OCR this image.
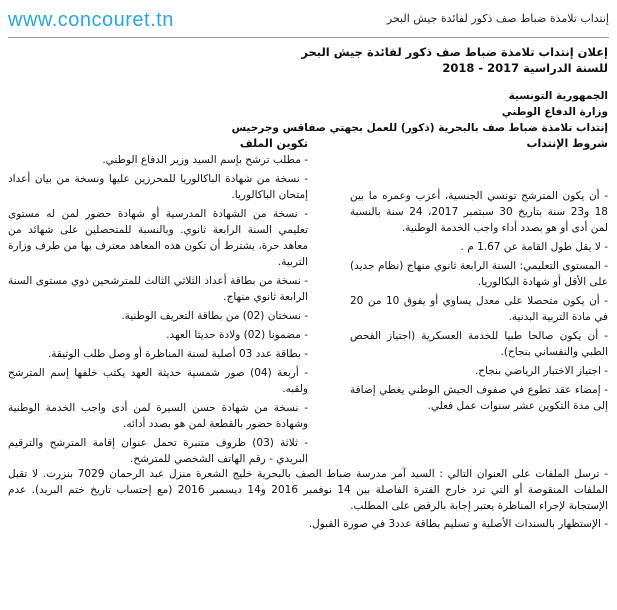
www.concouret.tn	إنتداب تلامذة ضباط صف ذكور لفائدة جيش البحر
إعلان إنتداب تلامذة ضباط صف ذكور لفائدة جيش البحر
للسنة الدراسية 2017 - 2018
الجمهورية التونسية
وزارة الدفاع الوطني
إنتداب تلامذة ضباط صف بالبحرية (ذكور) للعمل بجهتي صفاقس وجرجيس
شروط الإنتداب

- أن يكون المترشح تونسي الجنسية، أعزب وعمره ما بين 18 و23 سنة بتاريخ 30 سبتمبر 2017، 24 سنة بالنسبة لمن أدى أو هو بصدد أداء واجب الخدمة الوطنية.

- لا يقل طول القامة عن 1.67 م .

- المستوى التعليمي: السنة الرابعة ثانوي منهاج (نظام جديد) على الأقل أو شهادة البكالوريا.

- أن يكون متحصلا على معدل يساوي أو يفوق 10 من 20 في مادة التربية البدنية.

- أن يكون صالحا طبيا للخدمة العسكرية (اجتياز الفحص الطبي والنفساني بنجاح).

- اجتياز الاختبار الرياضي بنجاح.

- إمضاء عقد تطوع في صفوف الجيش الوطني يغطي إضافة إلى مدة التكوين عشر سنوات عمل فعلي.

تكوين الملف

- مطلب ترشح بإسم السيد وزير الدفاع الوطني.

- نسخة من شهادة الباكالوريا للمحرزين عليها ونسخة من بيان أعداد إمتحان الباكالوريا.

- نسخة من الشهادة المدرسية أو شهادة حضور لمن له مستوى تعليمي السنة الرابعة ثانوي. وبالنسبة للمتحصلين على شهائد من معاهد حرة، يشترط أن تكون هذه المعاهد معترف بها من طرف وزارة التربية.

- نسخة من بطاقة أعداد الثلاثي الثالث للمترشحين ذوي مستوى السنة الرابعة ثانوي منهاج.

- نسختان (02) من بطاقة التعريف الوطنية.

- مضمونا (02) ولادة حديثا العهد.

- بطاقة عدد 03 أصلية لسنة المناظرة أو وصل طلب الوثيقة.

- أربعة (04) صور شمسية حديثة العهد يكتب خلفها إسم المترشح ولقبه.

- نسخة من شهادة حسن السيرة لمن أدى واجب الخدمة الوطنية وشهادة حضور بالقطعة لمن هو بصدد أدائه.

- ثلاثة (03) ظروف متنبرة تحمل عنوان إقامة المترشح والترقيم البريدي - رقم الهاتف الشخصي للمترشح.

- ترسل الملفات على العنوان التالي : السيد آمر مدرسة ضباط الصف بالبحرية خليج الشعرة منزل عبد الرحمان 7029 بنزرت. لا تقبل الملفات المنقوصة أو التي ترد خارج الفترة الفاصلة بين 14 نوفمبر 2016 و14 ديسمبر 2016 (مع إحتساب تاريخ ختم البريد). عدم الإستجابة لإجراء المناظرة يعتبر إجابة بالرفض على المطلب.

- الإستظهار بالسندات الأصلية و تسليم بطاقة عدد3 في صورة القبول.
